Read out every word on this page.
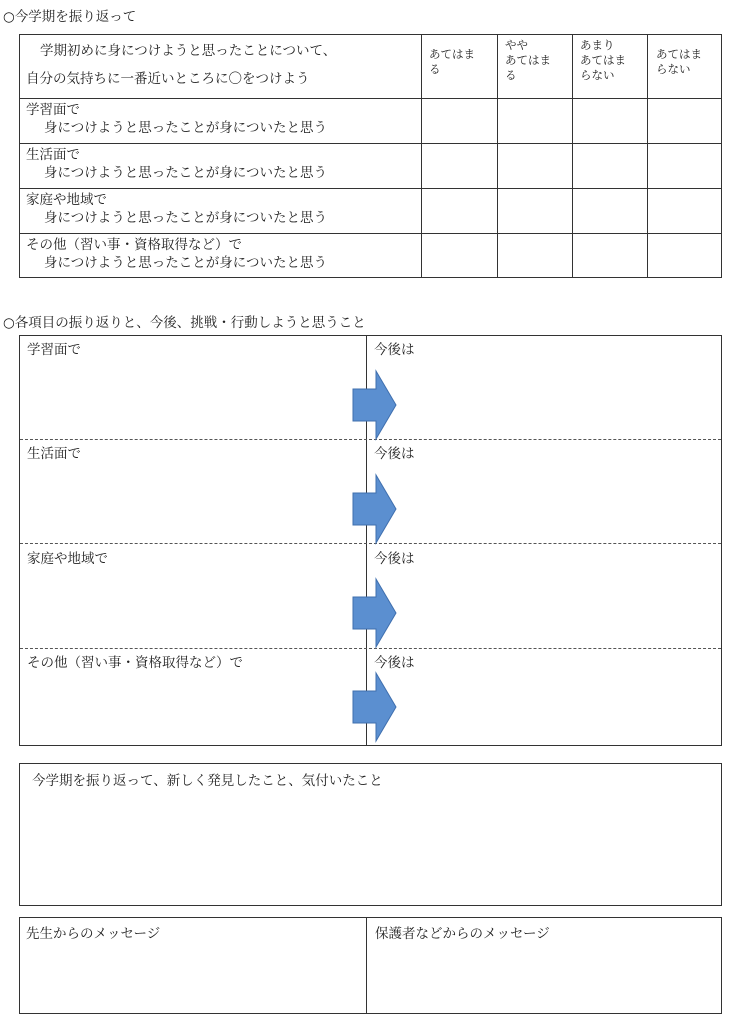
○今学期を振り返って
学期初めに身につけようと思ったことについて、
自分の気持ちに一番近いところに〇をつけよう
あてはま
る
やや
あてはま
る
あまり
あてはま
らない
あてはま
らない
学習面で
身につけようと思ったことが身についたと思う
生活面で
身につけようと思ったことが身についたと思う
家庭や地域で
身につけようと思ったことが身についたと思う
その他（習い事・資格取得など）で
身につけようと思ったことが身についたと思う
○各項目の振り返りと、今後、挑戦・行動しようと思うこと
学習面で
生活面で
家庭や地域で
その他（習い事・資格取得など）で
今後は
今後は
今後は
今後は
今学期を振り返って、新しく発見したこと、気付いたこと
先生からのメッセージ	保護者などからのメッセージ
